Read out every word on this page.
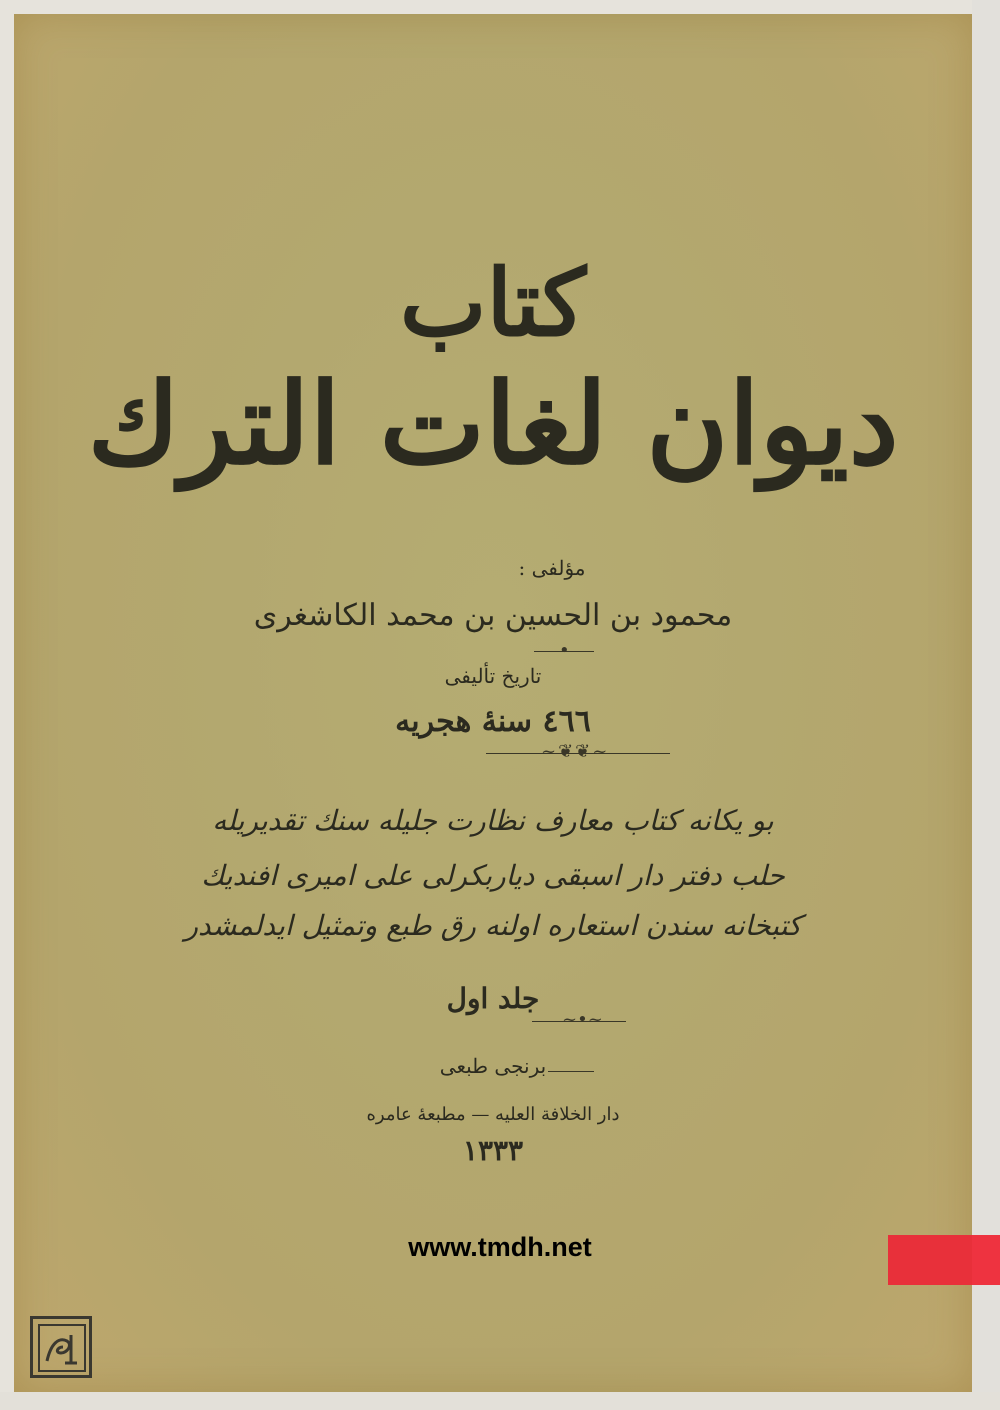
كتاب
ديوان لغات الترك
مؤلفى :
محمود بن الحسين بن محمد الكاشغرى
•
تاريخ تأليفى
٤٦٦ سنهٔ هجريه
~❦❦~
بو يكانه كتاب معارف نظارت جليله سنك تقديريله
حلب دفتر دار اسبقى دياربكرلى على اميرى افنديك
كتبخانه سندن استعاره اولنه رق طبع وتمثيل ايدلمشدر
جلد اول
~•~
برنجى طبعى
دار الخلافة العليه — مطبعهٔ عامره
١٣٣٣
www.tmdh.net
